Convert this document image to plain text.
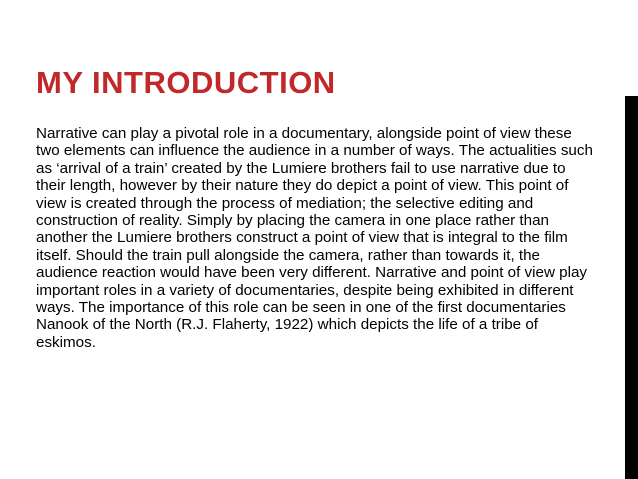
MY INTRODUCTION

Narrative can play a pivotal role in a documentary, alongside point of view these two elements can influence the audience in a number of ways. The actualities such as ‘arrival of a train’ created by the Lumiere brothers fail to use narrative due to their length, however by their nature they do depict a point of view. This point of view is created through the process of mediation; the selective editing and construction of reality. Simply by placing the camera in one place rather than another the Lumiere brothers construct a point of view that is integral to the film itself. Should the train pull alongside the camera, rather than towards it, the audience reaction would have been very different. Narrative and point of view play important roles in a variety of documentaries, despite being exhibited in different ways. The importance of this role can be seen in one of the first documentaries Nanook of the North (R.J. Flaherty, 1922) which depicts the life of a tribe of eskimos.
